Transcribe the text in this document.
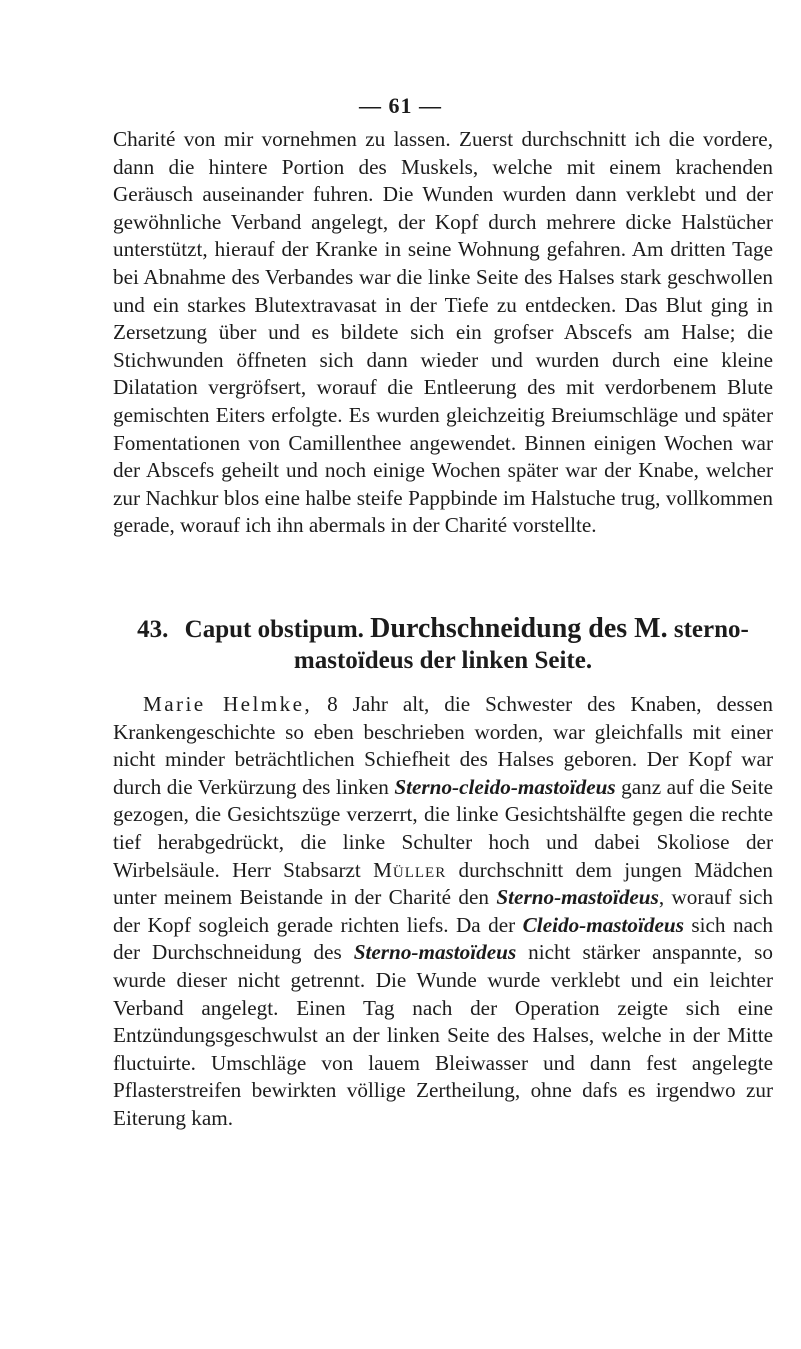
— 61 —

Charité von mir vornehmen zu lassen. Zuerst durchschnitt ich die vordere, dann die hintere Portion des Muskels, welche mit einem krachenden Geräusch auseinander fuhren. Die Wunden wurden dann verklebt und der gewöhnliche Verband angelegt, der Kopf durch mehrere dicke Halstücher unterstützt, hierauf der Kranke in seine Wohnung gefahren. Am dritten Tage bei Abnahme des Verbandes war die linke Seite des Halses stark geschwollen und ein starkes Blutextravasat in der Tiefe zu entdecken. Das Blut ging in Zersetzung über und es bildete sich ein grofser Abscefs am Halse; die Stichwunden öffneten sich dann wieder und wurden durch eine kleine Dilatation vergröfsert, worauf die Entleerung des mit verdorbenem Blute gemischten Eiters erfolgte. Es wurden gleichzeitig Breiumschläge und später Fomentationen von Camillenthee angewendet. Binnen einigen Wochen war der Abscefs geheilt und noch einige Wochen später war der Knabe, welcher zur Nachkur blos eine halbe steife Pappbinde im Halstuche trug, vollkommen gerade, worauf ich ihn abermals in der Charité vorstellte.

43. Caput obstipum. Durchschneidung des M. sterno-
mastoïdeus der linken Seite.

Marie Helmke, 8 Jahr alt, die Schwester des Knaben, dessen Krankengeschichte so eben beschrieben worden, war gleichfalls mit einer nicht minder beträchtlichen Schiefheit des Halses geboren. Der Kopf war durch die Verkürzung des linken Sterno-cleido-mastoïdeus ganz auf die Seite gezogen, die Gesichtszüge verzerrt, die linke Gesichtshälfte gegen die rechte tief herabgedrückt, die linke Schulter hoch und dabei Skoliose der Wirbelsäule. Herr Stabsarzt Müller durchschnitt dem jungen Mädchen unter meinem Beistande in der Charité den Sterno-mastoïdeus, worauf sich der Kopf sogleich gerade richten liefs. Da der Cleido-mastoïdeus sich nach der Durchschneidung des Sterno-mastoïdeus nicht stärker anspannte, so wurde dieser nicht getrennt. Die Wunde wurde verklebt und ein leichter Verband angelegt. Einen Tag nach der Operation zeigte sich eine Entzündungsgeschwulst an der linken Seite des Halses, welche in der Mitte fluctuirte. Umschläge von lauem Bleiwasser und dann fest angelegte Pflasterstreifen bewirkten völlige Zertheilung, ohne dafs es irgendwo zur Eiterung kam.
